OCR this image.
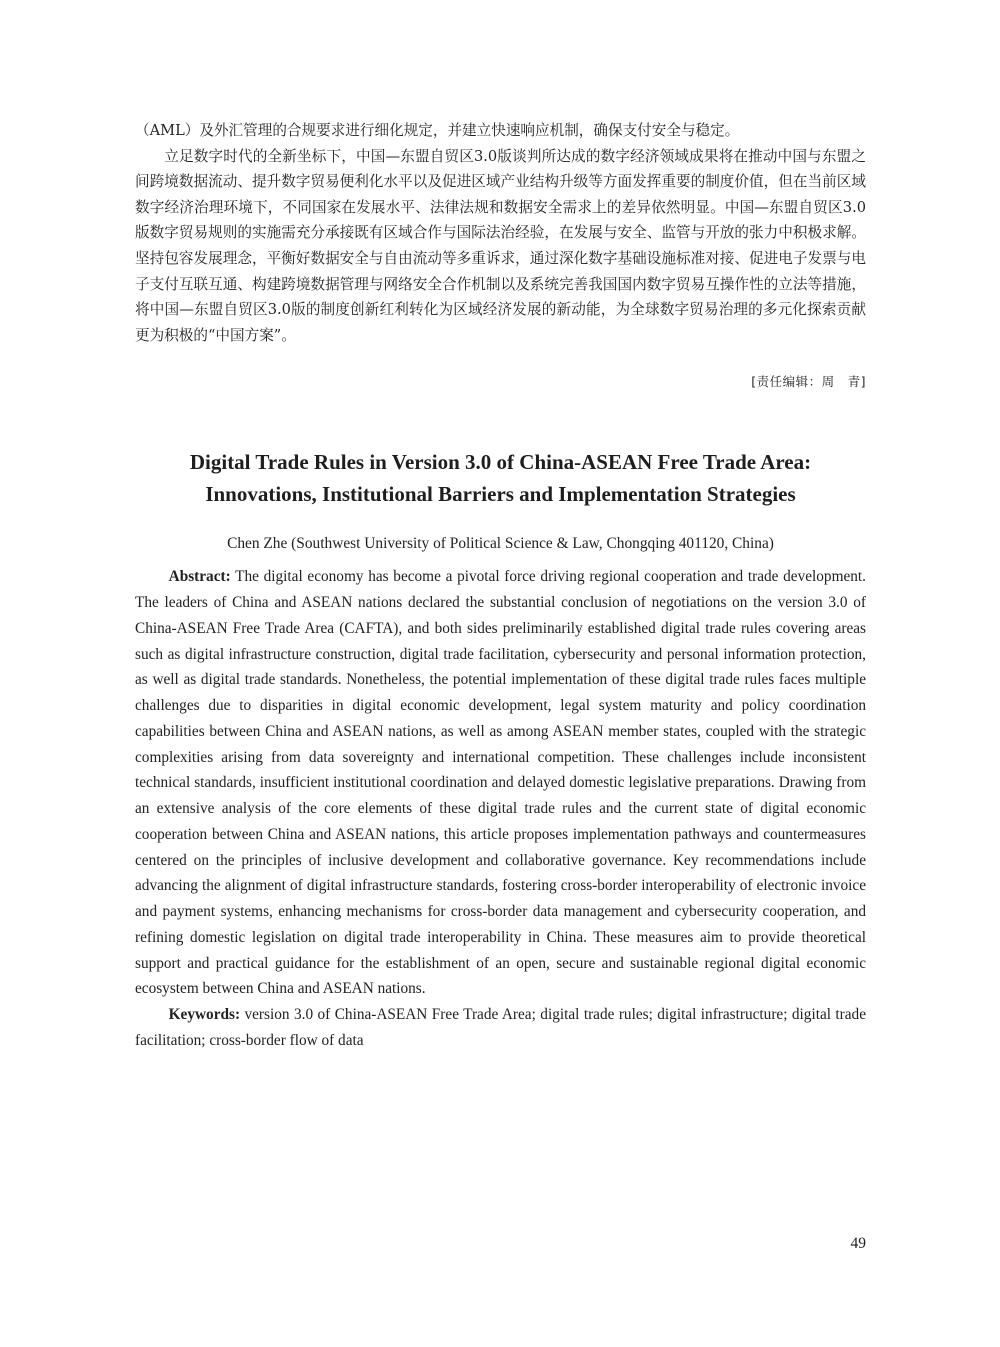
（AML）及外汇管理的合规要求进行细化规定，并建立快速响应机制，确保支付安全与稳定。

立足数字时代的全新坐标下，中国—东盟自贸区3.0版谈判所达成的数字经济领域成果将在推动中国与东盟之间跨境数据流动、提升数字贸易便利化水平以及促进区域产业结构升级等方面发挥重要的制度价值，但在当前区域数字经济治理环境下，不同国家在发展水平、法律法规和数据安全需求上的差异依然明显。中国—东盟自贸区3.0版数字贸易规则的实施需充分承接既有区域合作与国际法治经验，在发展与安全、监管与开放的张力中积极求解。坚持包容发展理念，平衡好数据安全与自由流动等多重诉求，通过深化数字基础设施标准对接、促进电子发票与电子支付互联互通、构建跨境数据管理与网络安全合作机制以及系统完善我国国内数字贸易互操作性的立法等措施，将中国—东盟自贸区3.0版的制度创新红利转化为区域经济发展的新动能，为全球数字贸易治理的多元化探索贡献更为积极的“中国方案”。

[责任编辑：周　青]
Digital Trade Rules in Version 3.0 of China-ASEAN Free Trade Area:
Innovations, Institutional Barriers and Implementation Strategies
Chen Zhe (Southwest University of Political Science & Law, Chongqing 401120, China)

Abstract: The digital economy has become a pivotal force driving regional cooperation and trade development. The leaders of China and ASEAN nations declared the substantial conclusion of negotiations on the version 3.0 of China-ASEAN Free Trade Area (CAFTA), and both sides preliminarily established digital trade rules covering areas such as digital infrastructure construction, digital trade facilitation, cybersecurity and personal information protection, as well as digital trade standards. Nonetheless, the potential implementation of these digital trade rules faces multiple challenges due to disparities in digital economic development, legal system maturity and policy coordination capabilities between China and ASEAN nations, as well as among ASEAN member states, coupled with the strategic complexities arising from data sovereignty and international competition. These challenges include inconsistent technical standards, insufficient institutional coordination and delayed domestic legislative preparations. Drawing from an extensive analysis of the core elements of these digital trade rules and the current state of digital economic cooperation between China and ASEAN nations, this article proposes implementation pathways and countermeasures centered on the principles of inclusive development and collaborative governance. Key recommendations include advancing the alignment of digital infrastructure standards, fostering cross-border interoperability of electronic invoice and payment systems, enhancing mechanisms for cross-border data management and cybersecurity cooperation, and refining domestic legislation on digital trade interoperability in China. These measures aim to provide theoretical support and practical guidance for the establishment of an open, secure and sustainable regional digital economic ecosystem between China and ASEAN nations.

Keywords: version 3.0 of China-ASEAN Free Trade Area; digital trade rules; digital infrastructure; digital trade facilitation; cross-border flow of data

49
